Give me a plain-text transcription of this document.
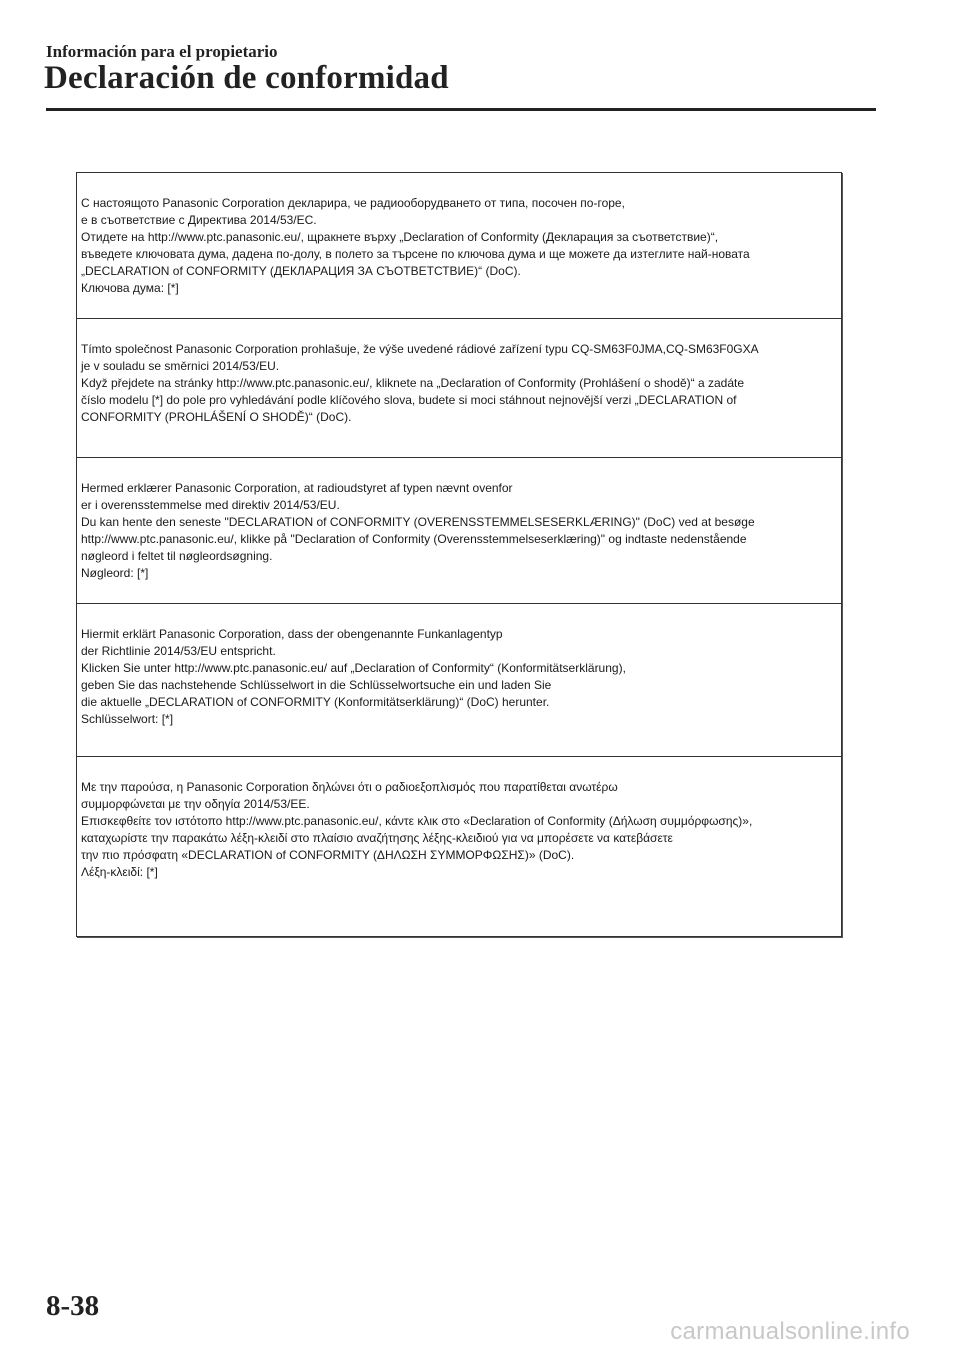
Información para el propietario
Declaración de conformidad
С настоящото Panasonic Corporation декларира, че радиооборудването от типа, посочен по-горе,
е в съответствие с Директива 2014/53/ЕС.
Отидете на http://www.ptc.panasonic.eu/, щракнете върху „Declaration of Conformity (Декларация за съответствие)“,
въведете ключовата дума, дадена по-долу, в полето за търсене по ключова дума и ще можете да изтеглите най-новата
„DECLARATION of CONFORMITY (ДЕКЛАРАЦИЯ ЗА СЪОТВЕТСТВИЕ)“ (DoC).
Ключова дума: [*]
Tímto společnost Panasonic Corporation prohlašuje, že výše uvedené rádiové zařízení typu CQ-SM63F0JMA,CQ-SM63F0GXA
je v souladu se směrnici 2014/53/EU.
Když přejdete na stránky http://www.ptc.panasonic.eu/, kliknete na „Declaration of Conformity (Prohlášení o shodě)“ a zadáte
číslo modelu [*] do pole pro vyhledávání podle klíčového slova, budete si moci stáhnout nejnovější verzi „DECLARATION of
CONFORMITY (PROHLÁŠENÍ O SHODĚ)“ (DoC).
Hermed erklærer Panasonic Corporation, at radioudstyret af typen nævnt ovenfor
er i overensstemmelse med direktiv 2014/53/EU.
Du kan hente den seneste "DECLARATION of CONFORMITY (OVERENSSTEMMELSESERKLÆRING)" (DoC) ved at besøge
http://www.ptc.panasonic.eu/, klikke på "Declaration of Conformity (Overensstemmelseserklæring)" og indtaste nedenstående
nøgleord i feltet til nøgleordsøgning.
Nøgleord: [*]
Hiermit erklärt Panasonic Corporation, dass der obengenannte Funkanlagentyp
der Richtlinie 2014/53/EU entspricht.
Klicken Sie unter http://www.ptc.panasonic.eu/ auf „Declaration of Conformity“ (Konformitätserklärung),
geben Sie das nachstehende Schlüsselwort in die Schlüsselwortsuche ein und laden Sie
die aktuelle „DECLARATION of CONFORMITY (Konformitätserklärung)“ (DoC) herunter.
Schlüsselwort: [*]
Με την παρούσα, η Panasonic Corporation δηλώνει ότι ο ραδιοεξοπλισμός που παρατίθεται ανωτέρω
συμμορφώνεται με την οδηγία 2014/53/ΕΕ.
Επισκεφθείτε τον ιστότοπο http://www.ptc.panasonic.eu/, κάντε κλικ στο «Declaration of Conformity (Δήλωση συμμόρφωσης)»,
καταχωρίστε την παρακάτω λέξη-κλειδί στο πλαίσιο αναζήτησης λέξης-κλειδιού για να μπορέσετε να κατεβάσετε
την πιο πρόσφατη «DECLARATION of CONFORMITY (ΔΗΛΩΣΗ ΣΥΜΜΟΡΦΩΣΗΣ)» (DoC).
Λέξη-κλειδί: [*]
8-38
carmanualsonline.info
